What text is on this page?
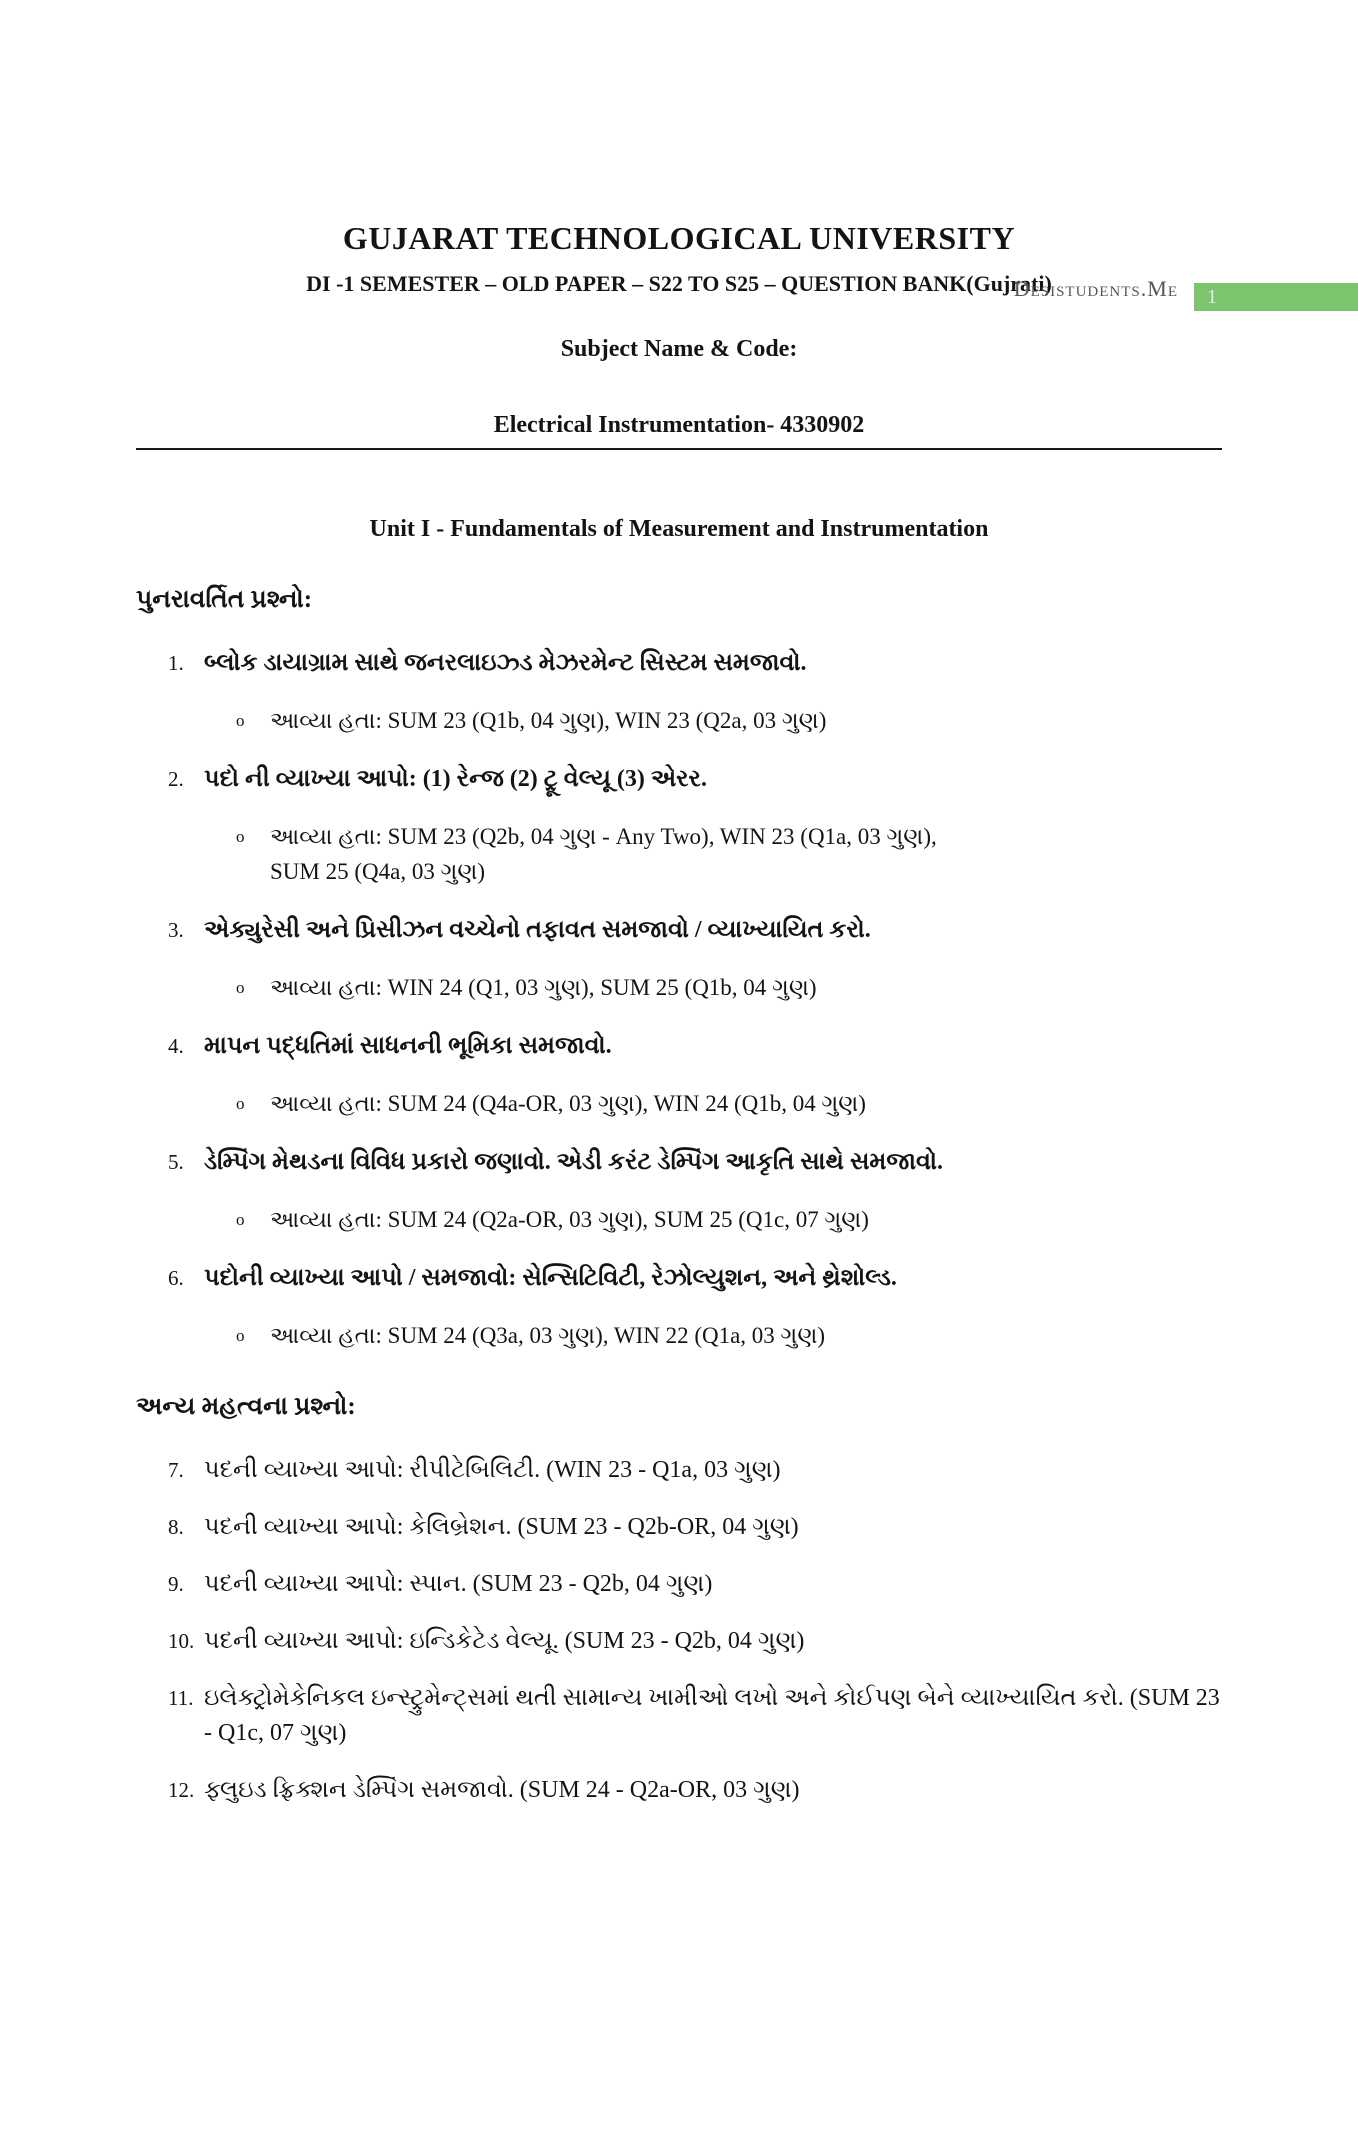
Desistudents.Me	1
GUJARAT TECHNOLOGICAL UNIVERSITY
DI -1 SEMESTER – OLD PAPER – S22 TO S25 – QUESTION BANK(Gujrati)
Subject Name & Code:
Electrical Instrumentation- 4330902
Unit I - Fundamentals of Measurement and Instrumentation
પુનરાવર્તિત પ્રશ્નો:
1. બ્લોક ડાયાગ્રામ સાથે જનરલાઇઝ્ડ મેઝરમેન્ટ સિસ્ટમ સમજાવો.
o	આવ્યા હતા: SUM 23 (Q1b, 04 ગુણ), WIN 23 (Q2a, 03 ગુણ)
2. પદો ની વ્યાખ્યા આપો: (1) રેન્જ (2) ટ્રૂ વેલ્યૂ (3) એરર.
o	આવ્યા હતા: SUM 23 (Q2b, 04 ગુણ - Any Two), WIN 23 (Q1a, 03 ગુણ), SUM 25 (Q4a, 03 ગુણ)
3. એક્યુરેસી અને પ્રિસીઝન વચ્ચેનો તફાવત સમજાવો / વ્યાખ્યાયિત કરો.
o	આવ્યા હતા: WIN 24 (Q1, 03 ગુણ), SUM 25 (Q1b, 04 ગુણ)
4. માપન પદ્ધતિમાં સાધનની ભૂમિકા સમજાવો.
o	આવ્યા હતા: SUM 24 (Q4a-OR, 03 ગુણ), WIN 24 (Q1b, 04 ગુણ)
5. ડેમ્પિંગ મેથડના વિવિધ પ્રકારો જણાવો. એડી કરંટ ડેમ્પિંગ આકૃતિ સાથે સમજાવો.
o	આવ્યા હતા: SUM 24 (Q2a-OR, 03 ગુણ), SUM 25 (Q1c, 07 ગુણ)
6. પદોની વ્યાખ્યા આપો / સમજાવો: સેન્સિટિવિટી, રેઝોલ્યુશન, અને થ્રેશોલ્ડ.
o	આવ્યા હતા: SUM 24 (Q3a, 03 ગુણ), WIN 22 (Q1a, 03 ગુણ)
અન્ય મહત્વના પ્રશ્નો:
7. પદની વ્યાખ્યા આપો: રીપીટેબિલિટી. (WIN 23 - Q1a, 03 ગુણ)
8. પદની વ્યાખ્યા આપો: કેલિબ્રેશન. (SUM 23 - Q2b-OR, 04 ગુણ)
9. પદની વ્યાખ્યા આપો: સ્પાન. (SUM 23 - Q2b, 04 ગુણ)
10. પદની વ્યાખ્યા આપો: ઇન્ડિકેટેડ વેલ્યૂ. (SUM 23 - Q2b, 04 ગુણ)
11. ઇલેક્ટ્રોમેકેનિકલ ઇન્સ્ટ્રુમેન્ટ્સમાં થતી સામાન્ય ખામીઓ લખો અને કોઈપણ બેને વ્યાખ્યાયિત કરો. (SUM 23 - Q1c, 07 ગુણ)
12. ફ્લુઇડ ફ્રિક્શન ડેમ્પિંગ સમજાવો. (SUM 24 - Q2a-OR, 03 ગુણ)
